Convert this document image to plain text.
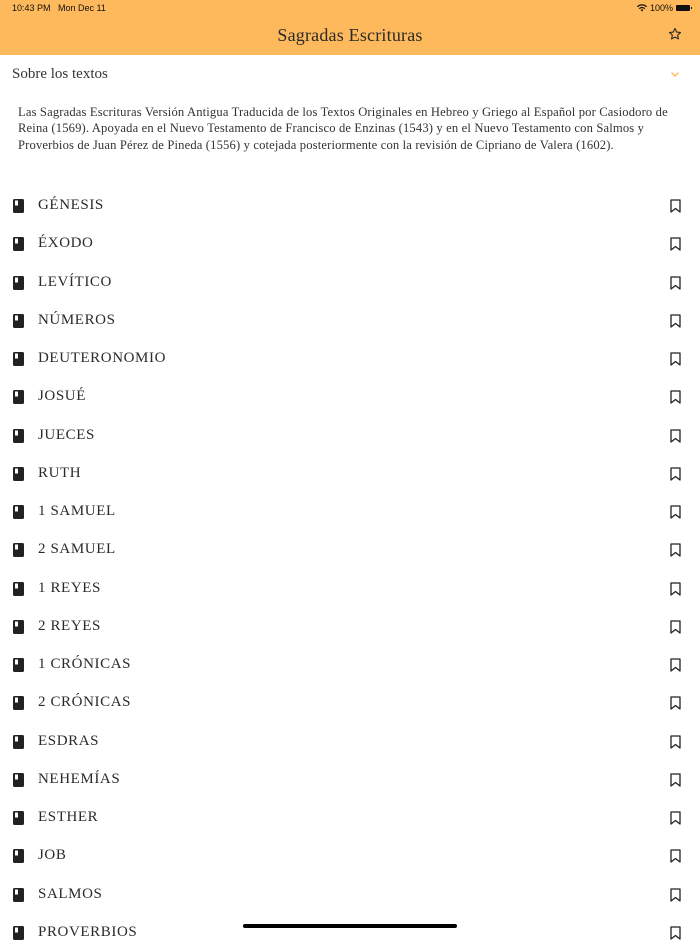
10:43 PM Mon Dec 11	100%
Sagradas Escrituras
Sobre los textos
Las Sagradas Escrituras Versión Antigua Traducida de los Textos Originales en Hebreo y Griego al Español por Casiodoro de Reina (1569). Apoyada en el Nuevo Testamento de Francisco de Enzinas (1543) y en el Nuevo Testamento con Salmos y Proverbios de Juan Pérez de Pineda (1556) y cotejada posteriormente con la revisión de Cipriano de Valera (1602).
GÉNESIS
ÉXODO
LEVÍTICO
NÚMEROS
DEUTERONOMIO
JOSUÉ
JUECES
RUTH
1 SAMUEL
2 SAMUEL
1 REYES
2 REYES
1 CRÓNICAS
2 CRÓNICAS
ESDRAS
NEHEMÍAS
ESTHER
JOB
SALMOS
PROVERBIOS
